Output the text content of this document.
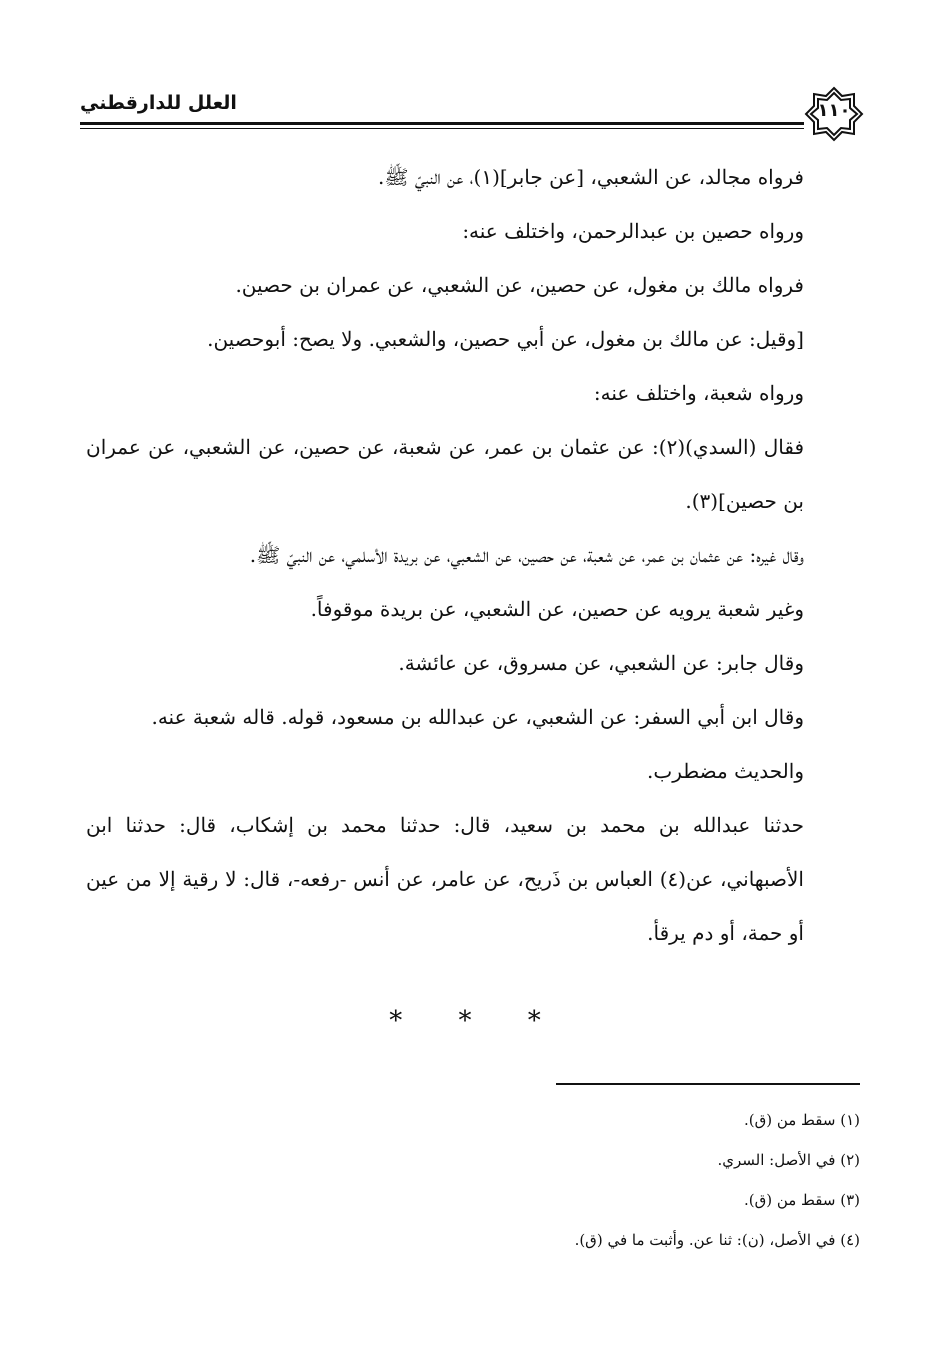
العلل للدارقطني	١١٠

فرواه مجالد، عن الشعبي، [عن جابر](١)، عن النبيّ ﷺ.

ورواه حصين بن عبدالرحمن، واختلف عنه:

فرواه مالك بن مغول، عن حصين، عن الشعبي، عن عمران بن حصين.

[وقيل: عن مالك بن مغول، عن أبي حصين، والشعبي. ولا يصح: أبوحصين.

ورواه شعبة، واختلف عنه:

فقال (السدي)(٢): عن عثمان بن عمر، عن شعبة، عن حصين، عن الشعبي، عن عمران بن حصين](٣).

وقال غيره: عن عثمان بن عمر، عن شعبة، عن حصين، عن الشعبي، عن بريدة الأسلمي، عن النبيّ ﷺ.

وغير شعبة يرويه عن حصين، عن الشعبي، عن بريدة موقوفاً.

وقال جابر: عن الشعبي، عن مسروق، عن عائشة.

وقال ابن أبي السفر: عن الشعبي، عن عبدالله بن مسعود، قوله. قاله شعبة عنه.

والحديث مضطرب.

حدثنا عبدالله بن محمد بن سعيد، قال: حدثنا محمد بن إشكاب، قال: حدثنا ابن الأصبهاني، عن(٤) العباس بن ذَريح، عن عامر، عن أنس -رفعه-، قال: لا رقية إلا من عين أو حمة، أو دم يرقأ.

* * *

(١) سقط من (ق).

(٢) في الأصل: السري.

(٣) سقط من (ق).

(٤) في الأصل، (ن): ثنا عن. وأثبت ما في (ق).
